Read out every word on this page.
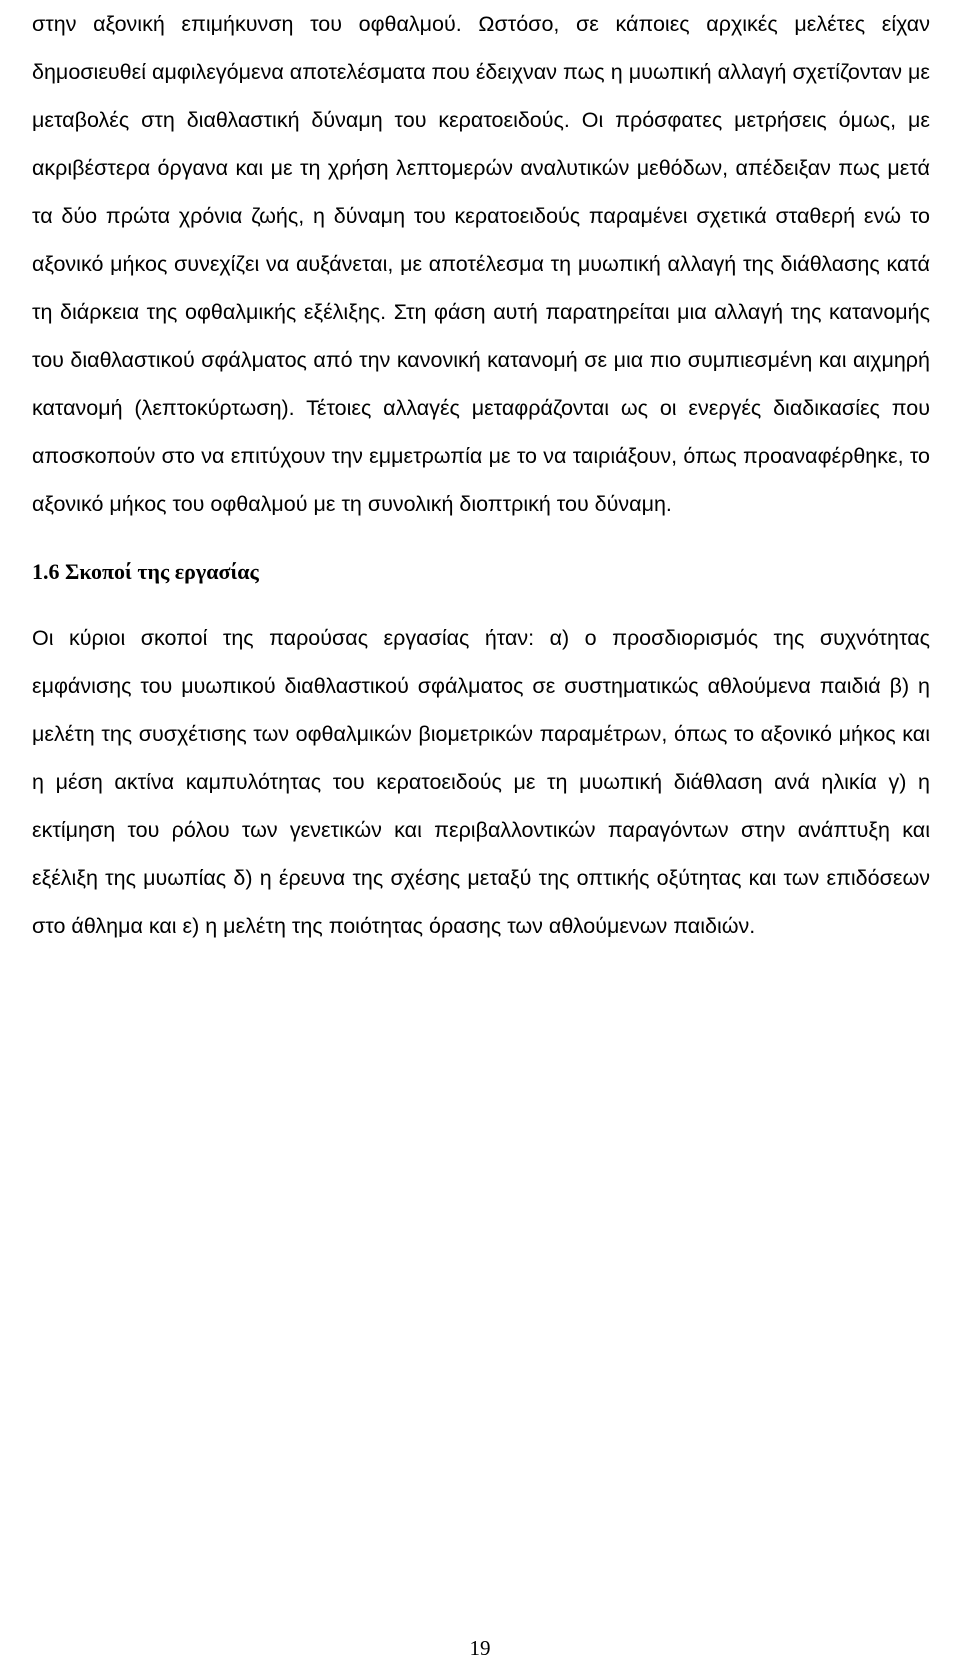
στην αξονική επιμήκυνση του οφθαλμού. Ωστόσο, σε κάποιες αρχικές μελέτες είχαν δημοσιευθεί αμφιλεγόμενα αποτελέσματα που έδειχναν πως η μυωπική αλλαγή σχετίζονταν με μεταβολές στη διαθλαστική δύναμη του κερατοειδούς. Οι πρόσφατες μετρήσεις όμως, με ακριβέστερα όργανα και με τη χρήση λεπτομερών αναλυτικών μεθόδων, απέδειξαν πως μετά τα δύο πρώτα χρόνια ζωής, η δύναμη του κερατοειδούς παραμένει σχετικά σταθερή ενώ το αξονικό μήκος συνεχίζει να αυξάνεται, με αποτέλεσμα τη μυωπική αλλαγή της διάθλασης κατά τη διάρκεια της οφθαλμικής εξέλιξης. Στη φάση αυτή παρατηρείται μια αλλαγή της κατανομής του διαθλαστικού σφάλματος από την κανονική κατανομή σε μια πιο συμπιεσμένη και αιχμηρή κατανομή (λεπτοκύρτωση). Τέτοιες αλλαγές μεταφράζονται ως οι ενεργές διαδικασίες που αποσκοπούν στο να επιτύχουν την εμμετρωπία με το να ταιριάξουν, όπως προαναφέρθηκε, το αξονικό μήκος του οφθαλμού με τη συνολική διοπτρική του δύναμη.

1.6 Σκοποί της εργασίας

Οι κύριοι σκοποί της παρούσας εργασίας ήταν: α) ο προσδιορισμός της συχνότητας εμφάνισης του μυωπικού διαθλαστικού σφάλματος σε συστηματικώς αθλούμενα παιδιά β) η μελέτη της συσχέτισης των οφθαλμικών βιομετρικών παραμέτρων, όπως το αξονικό μήκος και η μέση ακτίνα καμπυλότητας του κερατοειδούς με τη μυωπική διάθλαση ανά ηλικία γ) η εκτίμηση του ρόλου των γενετικών και περιβαλλοντικών παραγόντων στην ανάπτυξη και εξέλιξη της μυωπίας δ) η έρευνα της σχέσης μεταξύ της οπτικής οξύτητας και των επιδόσεων στο άθλημα και ε) η μελέτη της ποιότητας όρασης των αθλούμενων παιδιών.

19
